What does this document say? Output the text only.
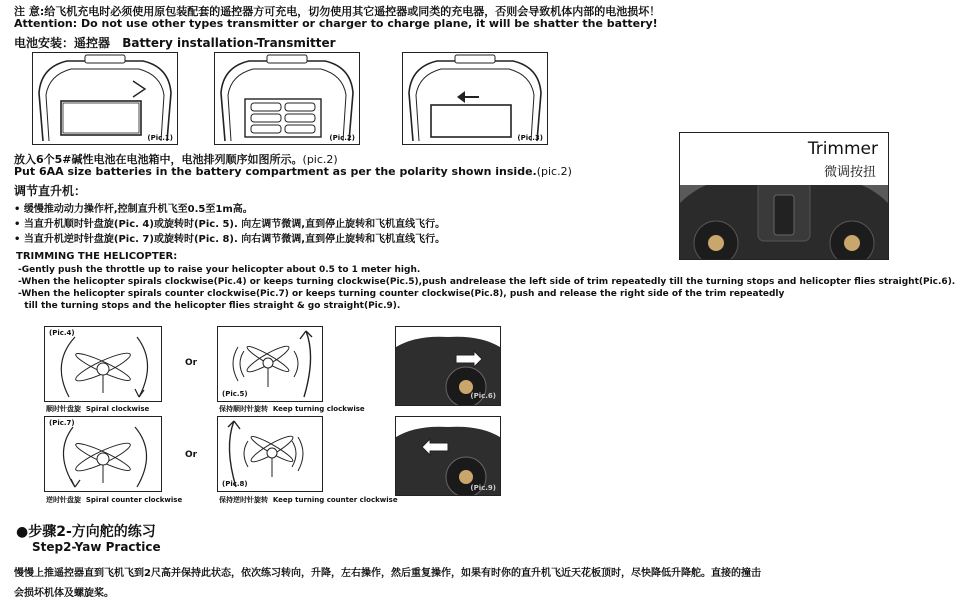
注 意:给飞机充电时必须使用原包装配套的遥控器方可充电，切勿使用其它遥控器或同类的充电器，否则会导致机体内部的电池损坏！
Attention: Do not use other types transmitter or charger to charge plane, it will be shatter the battery!
电池安装：遥控器 Battery installation-Transmitter
(Pic.1)	(Pic.2)	(Pic.3)
Trimmer
微调按扭
放入6个5#碱性电池在电池箱中，电池排列顺序如图所示。(pic.2)
Put 6AA size batteries in the battery compartment as per the polarity shown inside.(pic.2)
调节直升机：
• 缓慢推动动力操作杆,控制直升机飞至0.5至1m高。
• 当直升机顺时针盘旋(Pic. 4)或旋转时(Pic. 5). 向左调节微调,直到停止旋转和飞机直线飞行。
• 当直升机逆时针盘旋(Pic. 7)或旋转时(Pic. 8). 向右调节微调,直到停止旋转和飞机直线飞行。
TRIMMING THE HELICOPTER:
-Gently push the throttle up to raise your helicopter about 0.5 to 1 meter high.
-When the helicopter spirals clockwise(Pic.4) or keeps turning clockwise(Pic.5),push andrelease the left side of trim repeatedly till the turning stops and helicopter flies straight(Pic.6).
-When the helicopter spirals counter clockwise(Pic.7) or keeps turning counter clockwise(Pic.8), push and release the right side of the trim repeatedly
till the turning stops and the helicopter flies straight & go straight(Pic.9).
(Pic.4)
顺时针盘旋 Spiral clockwise
Or
(Pic.5)
保持顺时针旋转 Keep turning clockwise
(Pic.6)
(Pic.7)
逆时针盘旋 Spiral counter clockwise
Or
(Pic.8)
保持逆时针旋转 Keep turning counter clockwise
(Pic.9)
●步骤2-方向舵的练习
Step2-Yaw Practice
慢慢上推遥控器直到飞机飞到2尺高并保持此状态，依次练习转向，升降，左右操作，然后重复操作，如果有时你的直升机飞近天花板顶时，尽快降低升降舵。直接的撞击
会损坏机体及螺旋桨。
